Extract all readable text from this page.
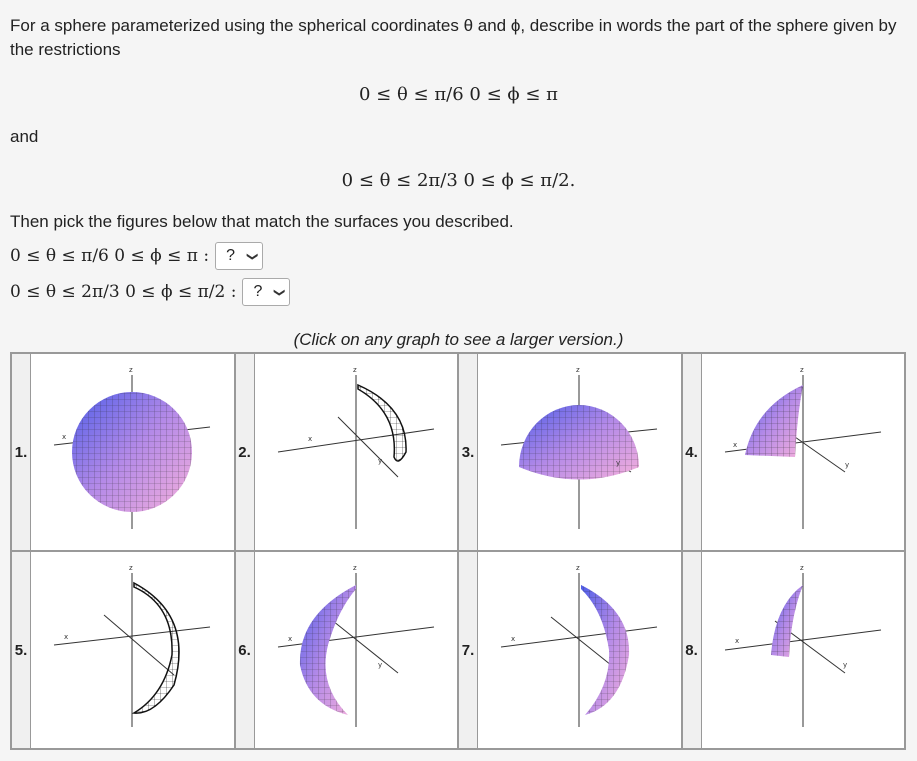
For a sphere parameterized using the spherical coordinates θ and ϕ, describe in words the part of the sphere given by the restrictions
0 ≤ θ ≤ π/6 0 ≤ ϕ ≤ π
and
0 ≤ θ ≤ 2π/3 0 ≤ ϕ ≤ π/2.
Then pick the figures below that match the surfaces you described.
0 ≤ θ ≤ π/6 0 ≤ ϕ ≤ π : ? ❮
0 ≤ θ ≤ 2π/3 0 ≤ ϕ ≤ π/2 : ? ❮
(Click on any graph to see a larger version.)
1.
z
x
2.
z
x
y
3.
z
y
4.
z
x
y
5.
z
x
6.
z
x
y
7.
z
x
8.
z
x
y
